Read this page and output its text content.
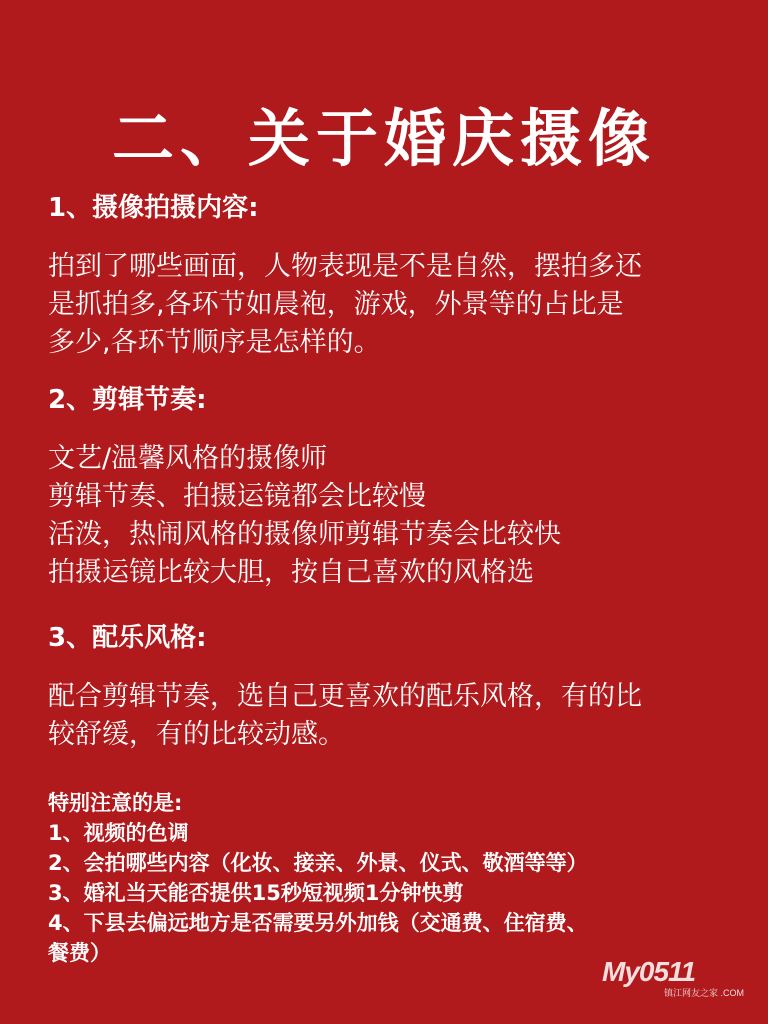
二、关于婚庆摄像

1、摄像拍摄内容:

拍到了哪些画面，人物表现是不是自然，摆拍多还
是抓拍多,各环节如晨袍，游戏，外景等的占比是
多少,各环节顺序是怎样的。

2、剪辑节奏:

文艺/温馨风格的摄像师
剪辑节奏、拍摄运镜都会比较慢
活泼，热闹风格的摄像师剪辑节奏会比较快
拍摄运镜比较大胆，按自己喜欢的风格选

3、配乐风格:

配合剪辑节奏，选自己更喜欢的配乐风格，有的比
较舒缓，有的比较动感。

特别注意的是:

1、视频的色调
2、会拍哪些内容（化妆、接亲、外景、仪式、敬酒等等）
3、婚礼当天能否提供15秒短视频1分钟快剪
4、下县去偏远地方是否需要另外加钱（交通费、住宿费、
餐费）
My0511
镇江网友之家 .COM
